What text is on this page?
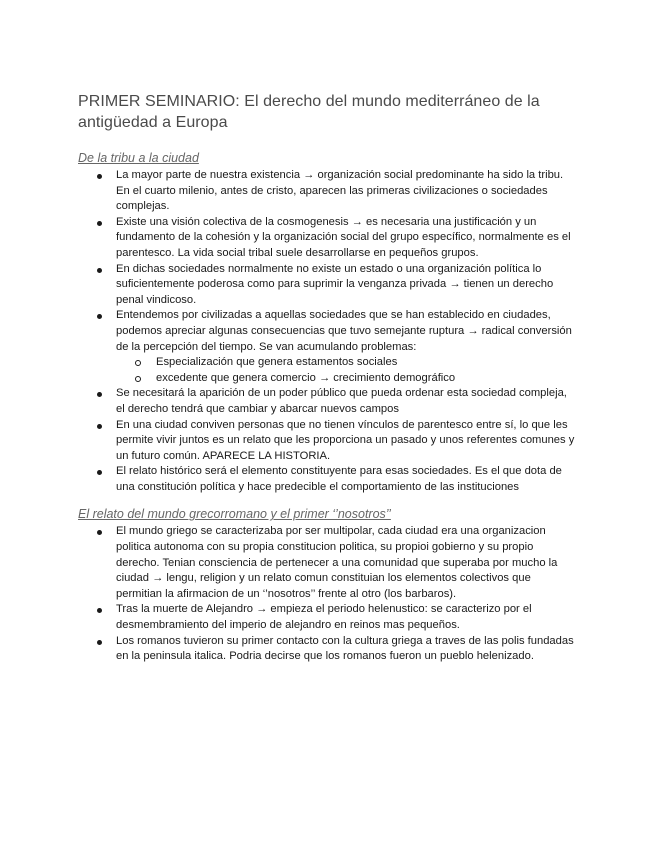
PRIMER SEMINARIO: El derecho del mundo mediterráneo de la antigüedad a Europa
De la tribu a la ciudad
La mayor parte de nuestra existencia → organización social predominante ha sido la tribu. En el cuarto milenio, antes de cristo, aparecen las primeras civilizaciones o sociedades complejas.
Existe una visión colectiva de la cosmogenesis → es necesaria una justificación y un fundamento de la cohesión y la organización social del grupo específico, normalmente es el parentesco. La vida social tribal suele desarrollarse en pequeños grupos.
En dichas sociedades normalmente no existe un estado o una organización política lo suficientemente poderosa como para suprimir la venganza privada → tienen un derecho penal vindicoso.
Entendemos por civilizadas a aquellas sociedades que se han establecido en ciudades, podemos apreciar algunas consecuencias que tuvo semejante ruptura → radical conversión de la percepción del tiempo. Se van acumulando problemas:
Especialización que genera estamentos sociales
excedente que genera comercio → crecimiento demográfico
Se necesitará la aparición de un poder público que pueda ordenar esta sociedad compleja, el derecho tendrá que cambiar y abarcar nuevos campos
En una ciudad conviven personas que no tienen vínculos de parentesco entre sí, lo que les permite vivir juntos es un relato que les proporciona un pasado y unos referentes comunes y un futuro común. APARECE LA HISTORIA.
El relato histórico será el elemento constituyente para esas sociedades. Es el que dota de una constitución política y hace predecible el comportamiento de las instituciones
El relato del mundo grecorromano y el primer ‘’nosotros’’
El mundo griego se caracterizaba por ser multipolar, cada ciudad era una organizacion politica autonoma con su propia constitucion politica, su propioi gobierno y su propio derecho. Tenian consciencia de pertenecer a una comunidad que superaba por mucho la ciudad → lengu, religion y un relato comun constituian los elementos colectivos que permitian la afirmacion de un ‘’nosotros’’ frente al otro (los barbaros).
Tras la muerte de Alejandro → empieza el periodo helenustico: se caracterizo por el desmembramiento del imperio de alejandro en reinos mas pequeños.
Los romanos tuvieron su primer contacto con la cultura griega a traves de las polis fundadas en la peninsula italica. Podria decirse que los romanos fueron un pueblo helenizado.
